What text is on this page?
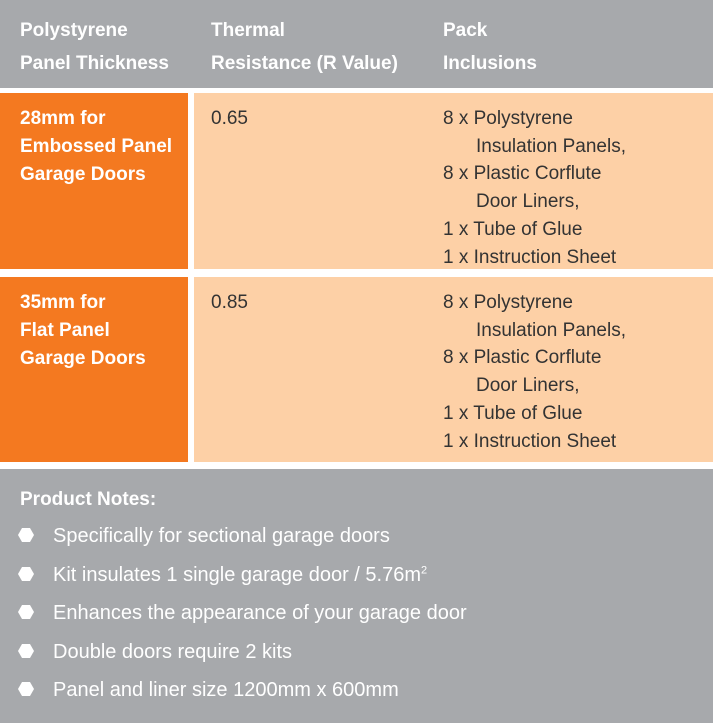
Polystyrene
Panel Thickness
Thermal
Resistance (R Value)
Pack
Inclusions
28mm for
Embossed Panel
Garage Doors
0.65	8 x Polystyrene
Insulation Panels,
8 x Plastic Corflute
Door Liners,
1 x Tube of Glue
1 x Instruction Sheet
35mm for
Flat Panel
Garage Doors
0.85	8 x Polystyrene
Insulation Panels,
8 x Plastic Corflute
Door Liners,
1 x Tube of Glue
1 x Instruction Sheet
Product Notes:
Specifically for sectional garage doors
Kit insulates 1 single garage door / $5.76m^2$
Enhances the appearance of your garage door
Double doors require 2 kits
Panel and liner size 1200mm x 600mm
